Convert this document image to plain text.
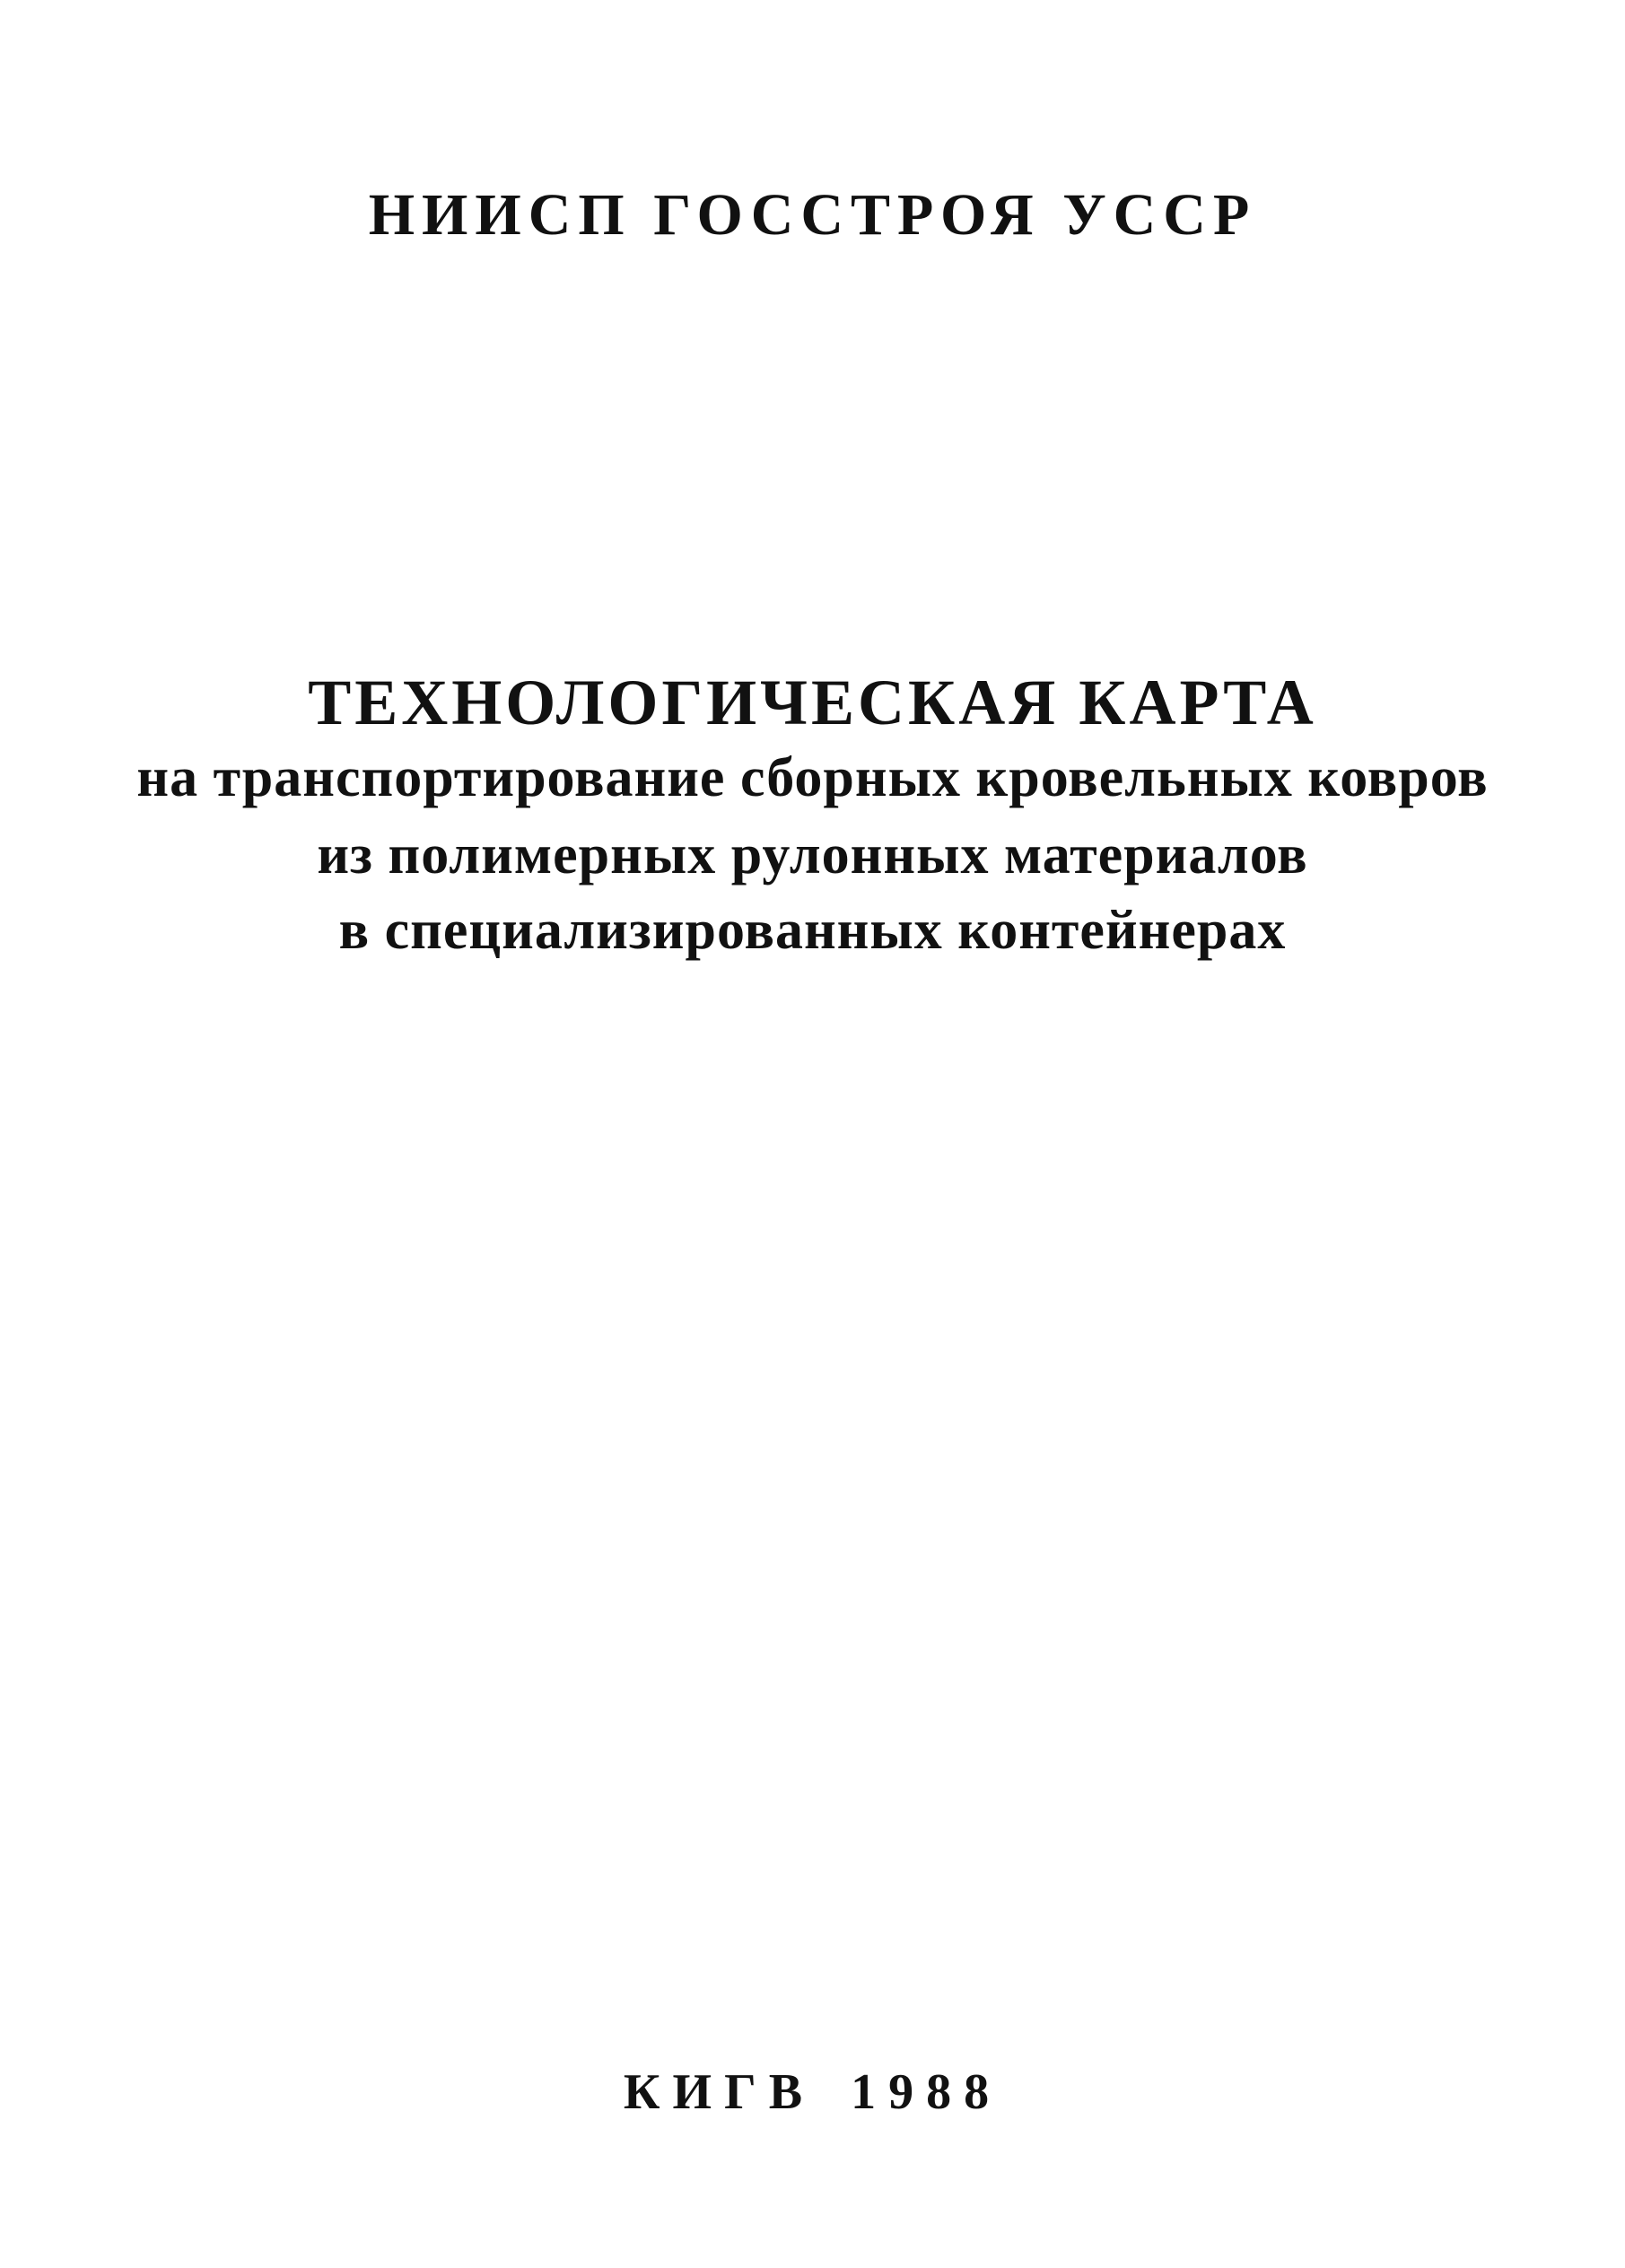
НИИСП ГОССТРОЯ УССР
ТЕХНОЛОГИЧЕСКАЯ КАРТА
на транспортирование сборных кровельных ковров
из полимерных рулонных материалов
в специализированных контейнерах
КИГВ 1988
